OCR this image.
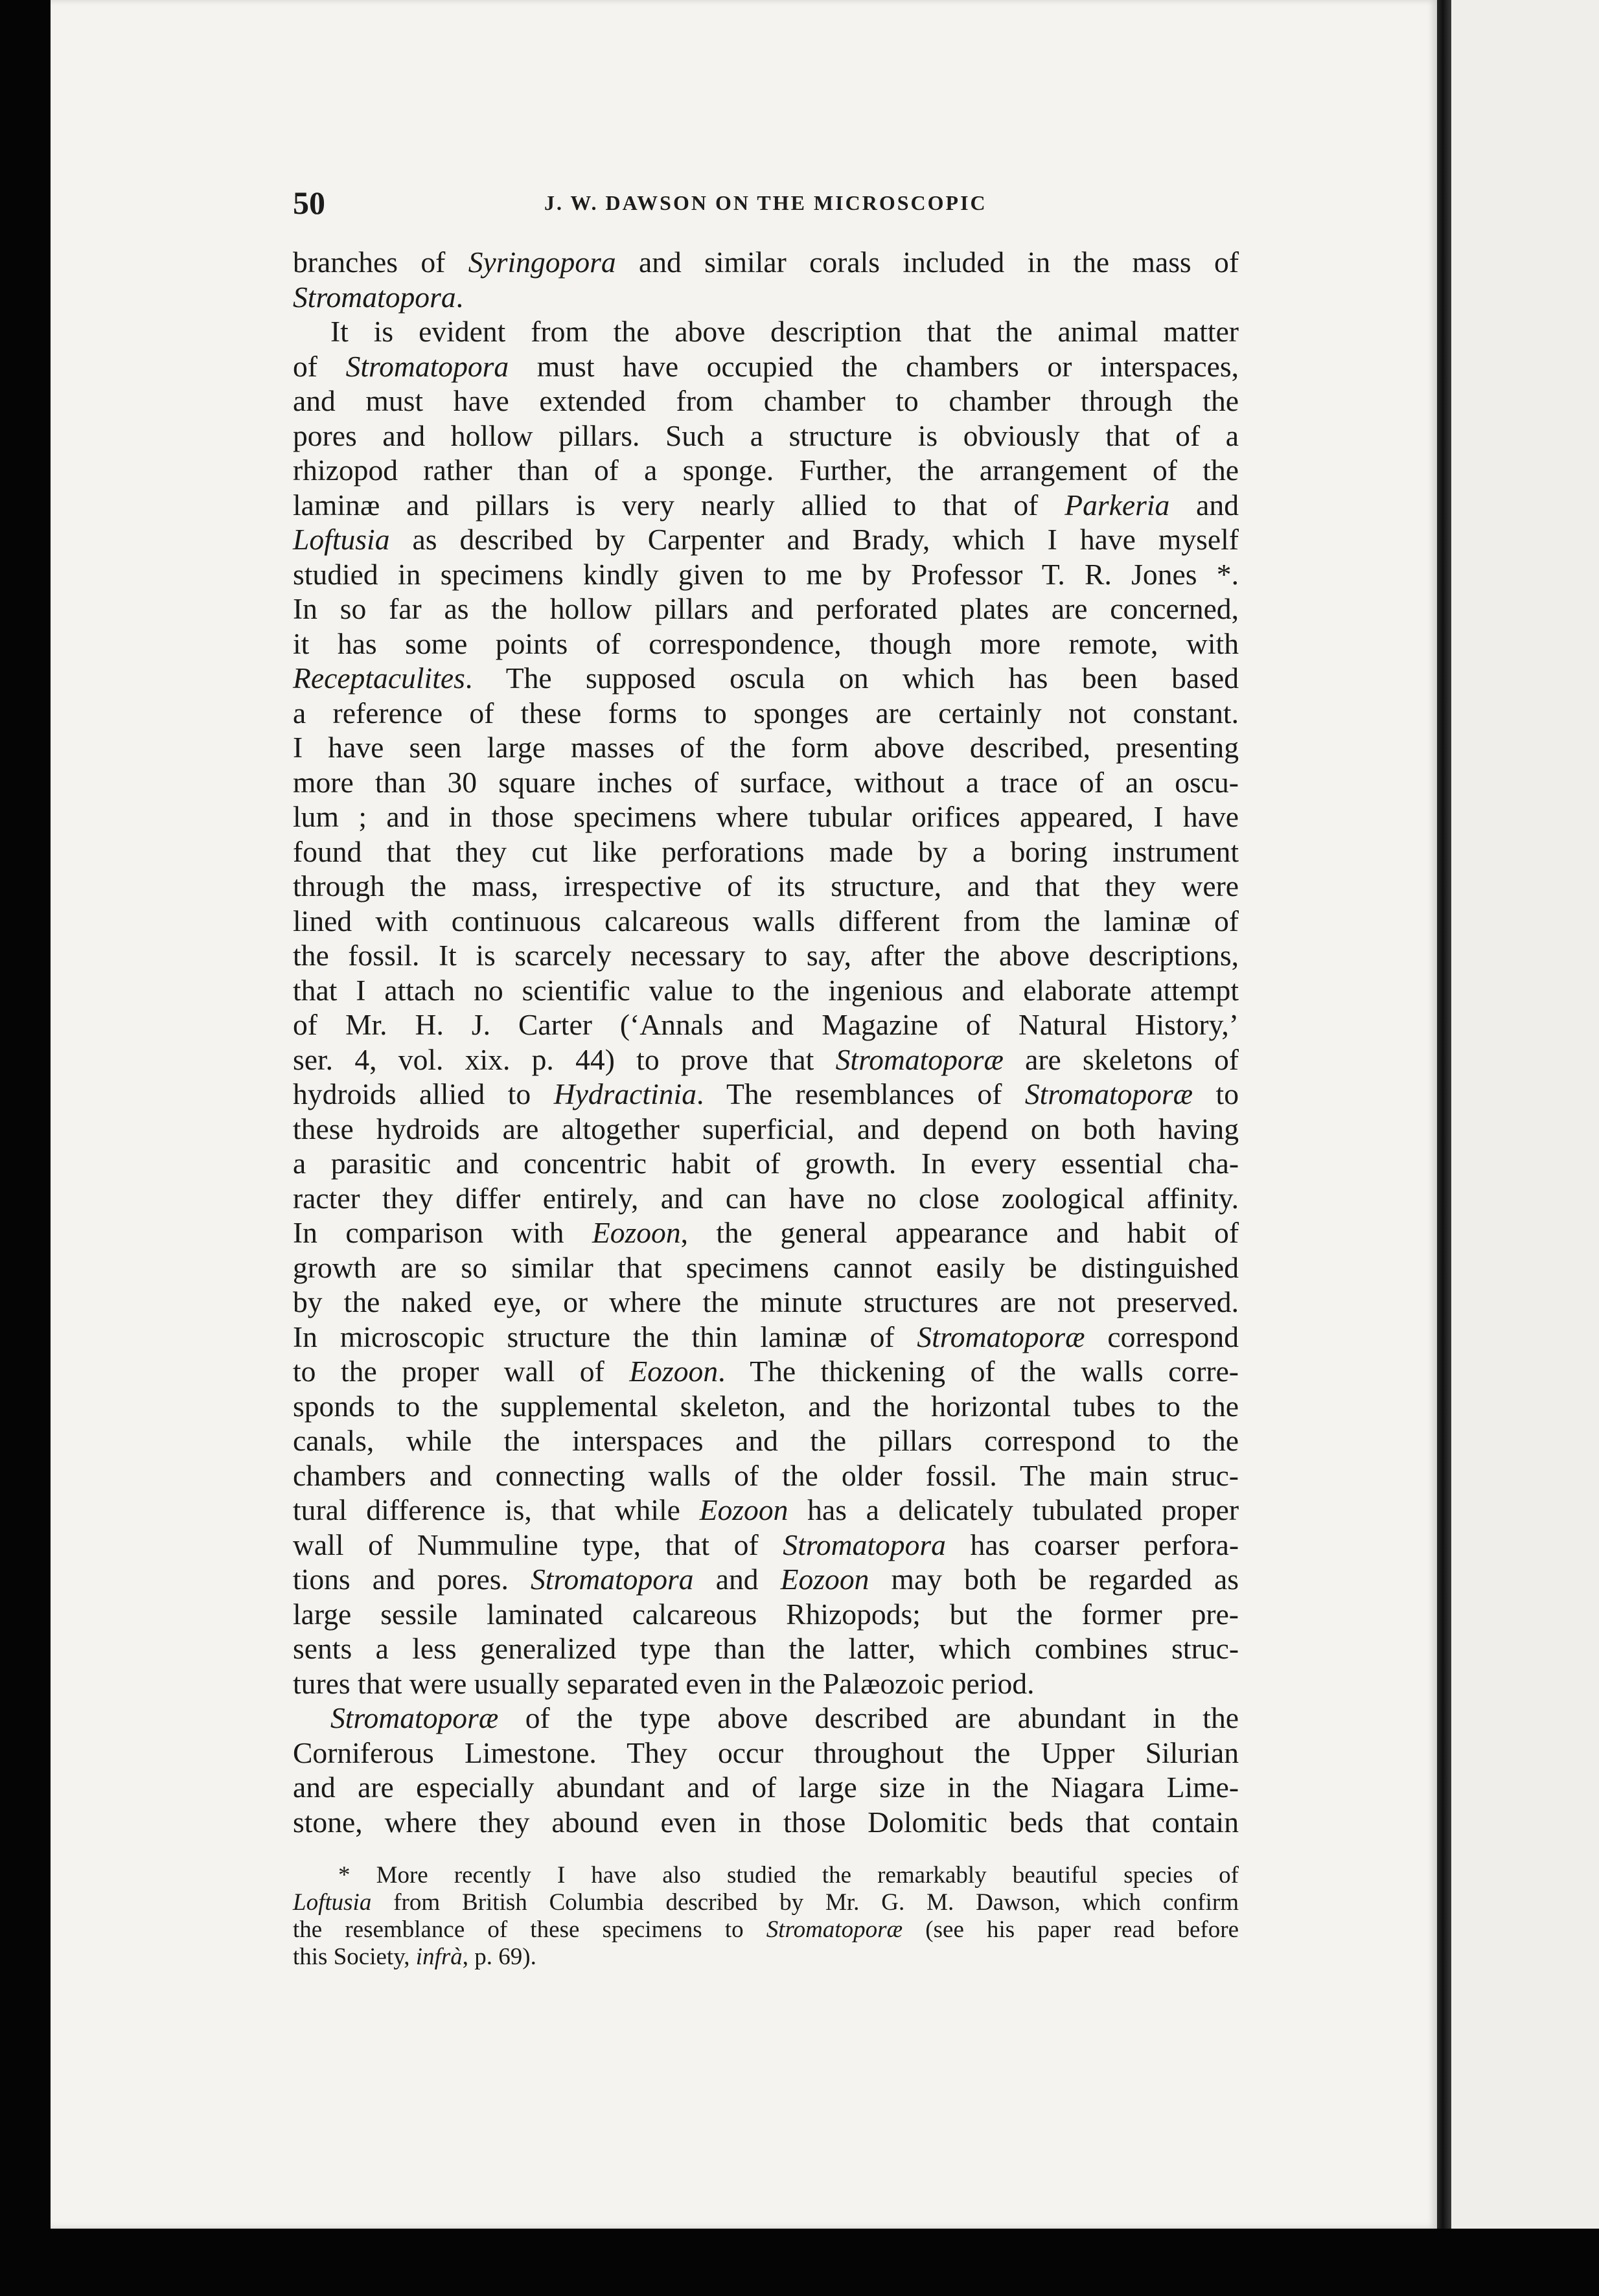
50	J. W. DAWSON ON THE MICROSCOPIC
branches of Syringopora and similar corals included in the mass of
Stromatopora.
It is evident from the above description that the animal matter
of Stromatopora must have occupied the chambers or interspaces,
and must have extended from chamber to chamber through the
pores and hollow pillars. Such a structure is obviously that of a
rhizopod rather than of a sponge. Further, the arrangement of the
laminæ and pillars is very nearly allied to that of Parkeria and
Loftusia as described by Carpenter and Brady, which I have myself
studied in specimens kindly given to me by Professor T. R. Jones *.
In so far as the hollow pillars and perforated plates are concerned,
it has some points of correspondence, though more remote, with
Receptaculites. The supposed oscula on which has been based
a reference of these forms to sponges are certainly not constant.
I have seen large masses of the form above described, presenting
more than 30 square inches of surface, without a trace of an oscu-
lum ; and in those specimens where tubular orifices appeared, I have
found that they cut like perforations made by a boring instrument
through the mass, irrespective of its structure, and that they were
lined with continuous calcareous walls different from the laminæ of
the fossil. It is scarcely necessary to say, after the above descriptions,
that I attach no scientific value to the ingenious and elaborate attempt
of Mr. H. J. Carter (‘Annals and Magazine of Natural History,’
ser. 4, vol. xix. p. 44) to prove that Stromatoporæ are skeletons of
hydroids allied to Hydractinia. The resemblances of Stromatoporæ to
these hydroids are altogether superficial, and depend on both having
a parasitic and concentric habit of growth. In every essential cha-
racter they differ entirely, and can have no close zoological affinity.
In comparison with Eozoon, the general appearance and habit of
growth are so similar that specimens cannot easily be distinguished
by the naked eye, or where the minute structures are not preserved.
In microscopic structure the thin laminæ of Stromatoporæ correspond
to the proper wall of Eozoon. The thickening of the walls corre-
sponds to the supplemental skeleton, and the horizontal tubes to the
canals, while the interspaces and the pillars correspond to the
chambers and connecting walls of the older fossil. The main struc-
tural difference is, that while Eozoon has a delicately tubulated proper
wall of Nummuline type, that of Stromatopora has coarser perfora-
tions and pores. Stromatopora and Eozoon may both be regarded as
large sessile laminated calcareous Rhizopods; but the former pre-
sents a less generalized type than the latter, which combines struc-
tures that were usually separated even in the Palæozoic period.
Stromatoporæ of the type above described are abundant in the
Corniferous Limestone. They occur throughout the Upper Silurian
and are especially abundant and of large size in the Niagara Lime-
stone, where they abound even in those Dolomitic beds that contain
* More recently I have also studied the remarkably beautiful species of
Loftusia from British Columbia described by Mr. G. M. Dawson, which confirm
the resemblance of these specimens to Stromatoporæ (see his paper read before
this Society, infrà, p. 69).
